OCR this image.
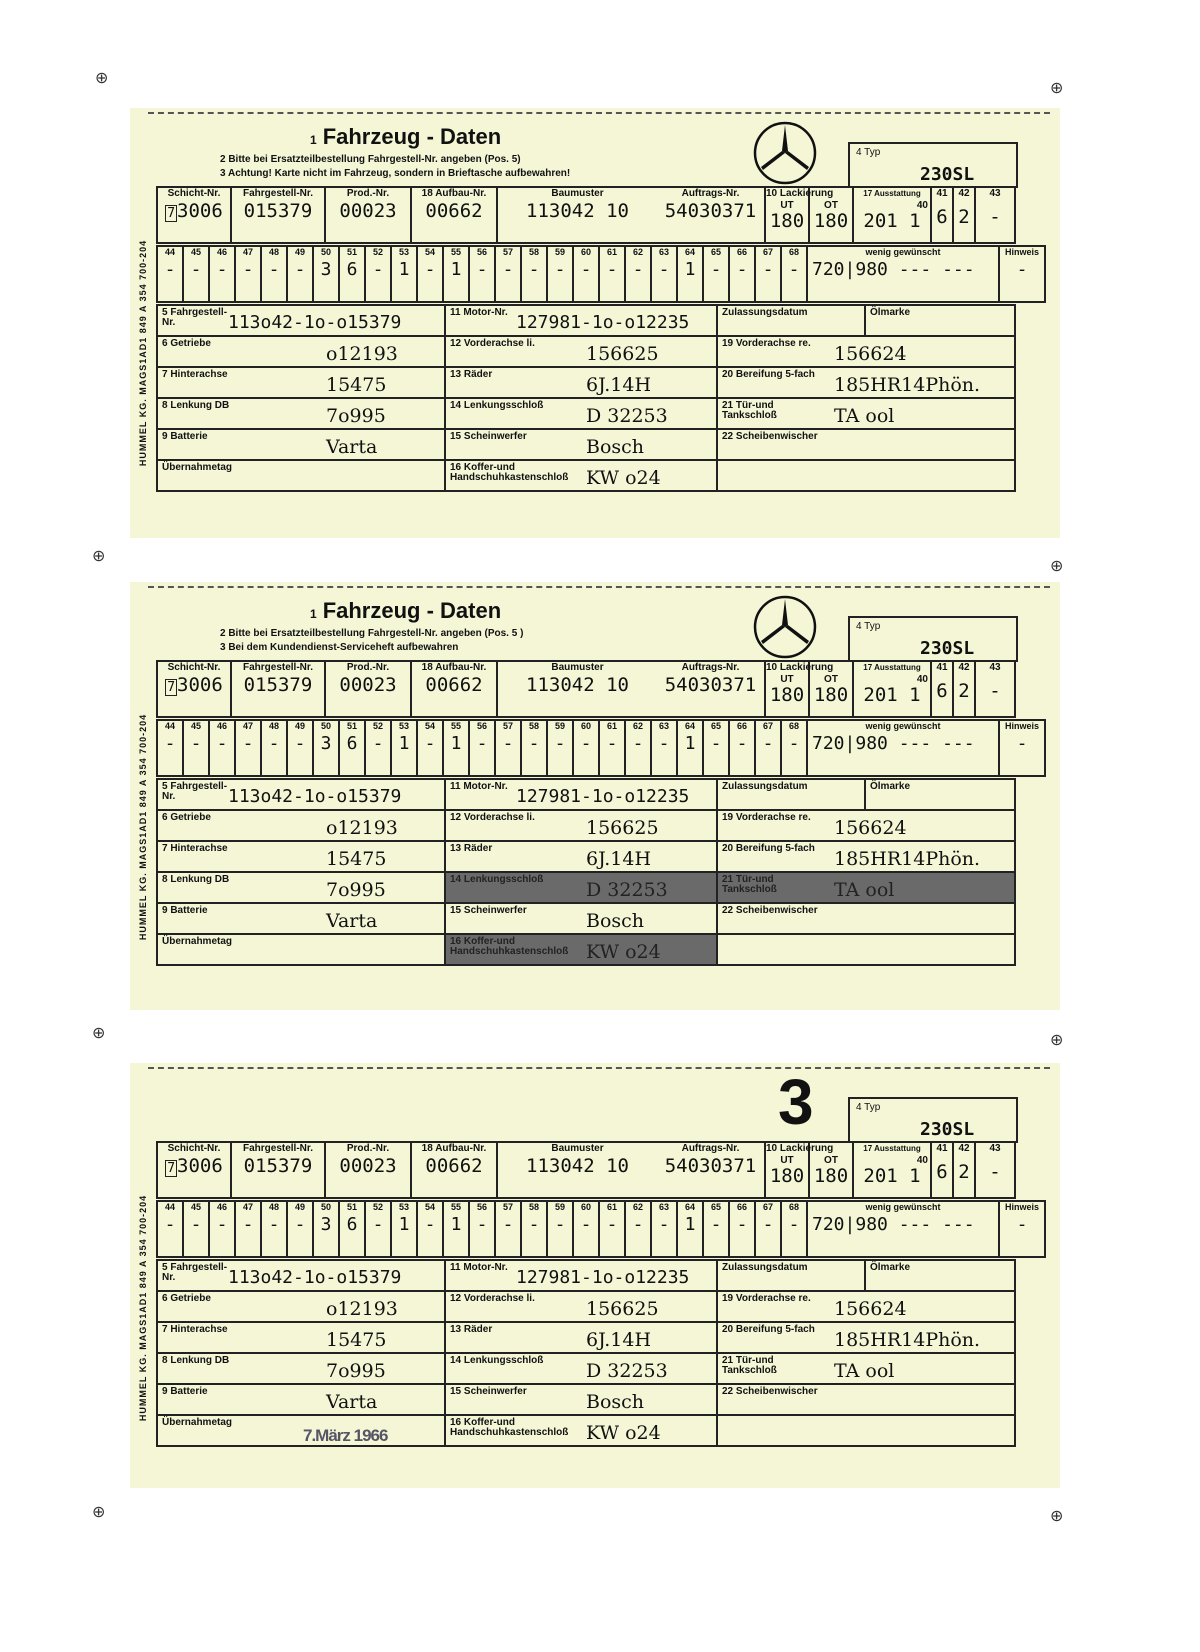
⊕
⊕
⊕
⊕
⊕	⊕
⊕	⊕
HUMMEL KG. MAGS1AD1 849 A 354 700-204
1 Fahrzeug - Daten
2 Bitte bei Ersatzteilbestellung Fahrgestell-Nr. angeben (Pos. 5)
3 Achtung! Karte nicht im Fahrzeug, sondern in Brieftasche aufbewahren!
4 Typ
230SL
Schicht-Nr.
7 3006

Fahrgestell-Nr.
015379

Prod.-Nr.
00023

18 Aufbau-Nr.
00662

Baumuster
113042 10

Auftrags-Nr.
54030371

10 Lackierung
UT
180

OT
180

17 Ausstattung
40
201 1

41
6

42
2

43
-
44
-

45
-

46
-

47
-

48
-

49
-

50
3

51
6

52
-

53
1

54
-

55
1

56
-

57
-

58
-

59
-

60
-

61
-

62
-

63
-

64
1

65
-

66
-

67
-

68
-

wenig gewünscht
720|980 --- ---

Hinweis
-
5 Fahrgestell-
Nr. 113o42-1o-o15379	11 Motor-Nr. 127981-1o-o12235	Zulassungsdatum	Ölmarke

6 Getriebe o12193	12 Vorderachse li. 156625	19 Vorderachse re. 156624	

7 Hinterachse 15475	13 Räder 6J.14H	20 Bereifung 5-fach 185HR14Phön.	

8 Lenkung DB 7o995	14 Lenkungsschloß D 32253	21 Tür-und
Tankschloß TA ool	

9 Batterie Varta	15 Scheinwerfer Bosch	22 Scheibenwischer	

Übernahmetag	16 Koffer-und
Handschuhkastenschloß KW o24		

HUMMEL KG. MAGS1AD1 849 A 354 700-204
1 Fahrzeug - Daten
2 Bitte bei Ersatzteilbestellung Fahrgestell-Nr. angeben (Pos. 5 )
3 Bei dem Kundendienst-Serviceheft aufbewahren
4 Typ
230SL
Schicht-Nr.
7 3006

Fahrgestell-Nr.
015379

Prod.-Nr.
00023

18 Aufbau-Nr.
00662

Baumuster
113042 10

Auftrags-Nr.
54030371

10 Lackierung
UT
180

OT
180

17 Ausstattung
40
201 1

41
6

42
2

43
-
44
-

45
-

46
-

47
-

48
-

49
-

50
3

51
6

52
-

53
1

54
-

55
1

56
-

57
-

58
-

59
-

60
-

61
-

62
-

63
-

64
1

65
-

66
-

67
-

68
-

wenig gewünscht
720|980 --- ---

Hinweis
-
5 Fahrgestell-
Nr. 113o42-1o-o15379	11 Motor-Nr. 127981-1o-o12235	Zulassungsdatum	Ölmarke

6 Getriebe o12193	12 Vorderachse li. 156625	19 Vorderachse re. 156624	

7 Hinterachse 15475	13 Räder 6J.14H	20 Bereifung 5-fach 185HR14Phön.	

8 Lenkung DB 7o995	14 Lenkungsschloß D 32253	21 Tür-und
Tankschloß TA ool	

9 Batterie Varta	15 Scheinwerfer Bosch	22 Scheibenwischer	

Übernahmetag	16 Koffer-und
Handschuhkastenschloß KW o24		

HUMMEL KG. MAGS1AD1 849 A 354 700-204
3	4 Typ
230SL
Schicht-Nr.
7 3006

Fahrgestell-Nr.
015379

Prod.-Nr.
00023

18 Aufbau-Nr.
00662

Baumuster
113042 10

Auftrags-Nr.
54030371

10 Lackierung
UT
180

OT
180

17 Ausstattung
40
201 1

41
6

42
2

43
-
44
-

45
-

46
-

47
-

48
-

49
-

50
3

51
6

52
-

53
1

54
-

55
1

56
-

57
-

58
-

59
-

60
-

61
-

62
-

63
-

64
1

65
-

66
-

67
-

68
-

wenig gewünscht
720|980 --- ---

Hinweis
-
5 Fahrgestell-
Nr. 113o42-1o-o15379	11 Motor-Nr. 127981-1o-o12235	Zulassungsdatum	Ölmarke

6 Getriebe o12193	12 Vorderachse li. 156625	19 Vorderachse re. 156624	

7 Hinterachse 15475	13 Räder 6J.14H	20 Bereifung 5-fach 185HR14Phön.	

8 Lenkung DB 7o995	14 Lenkungsschloß D 32253	21 Tür-und
Tankschloß TA ool	

9 Batterie Varta	15 Scheinwerfer Bosch	22 Scheibenwischer	

Übernahmetag
7.März 1966	16 Koffer-und
Handschuhkastenschloß KW o24		
